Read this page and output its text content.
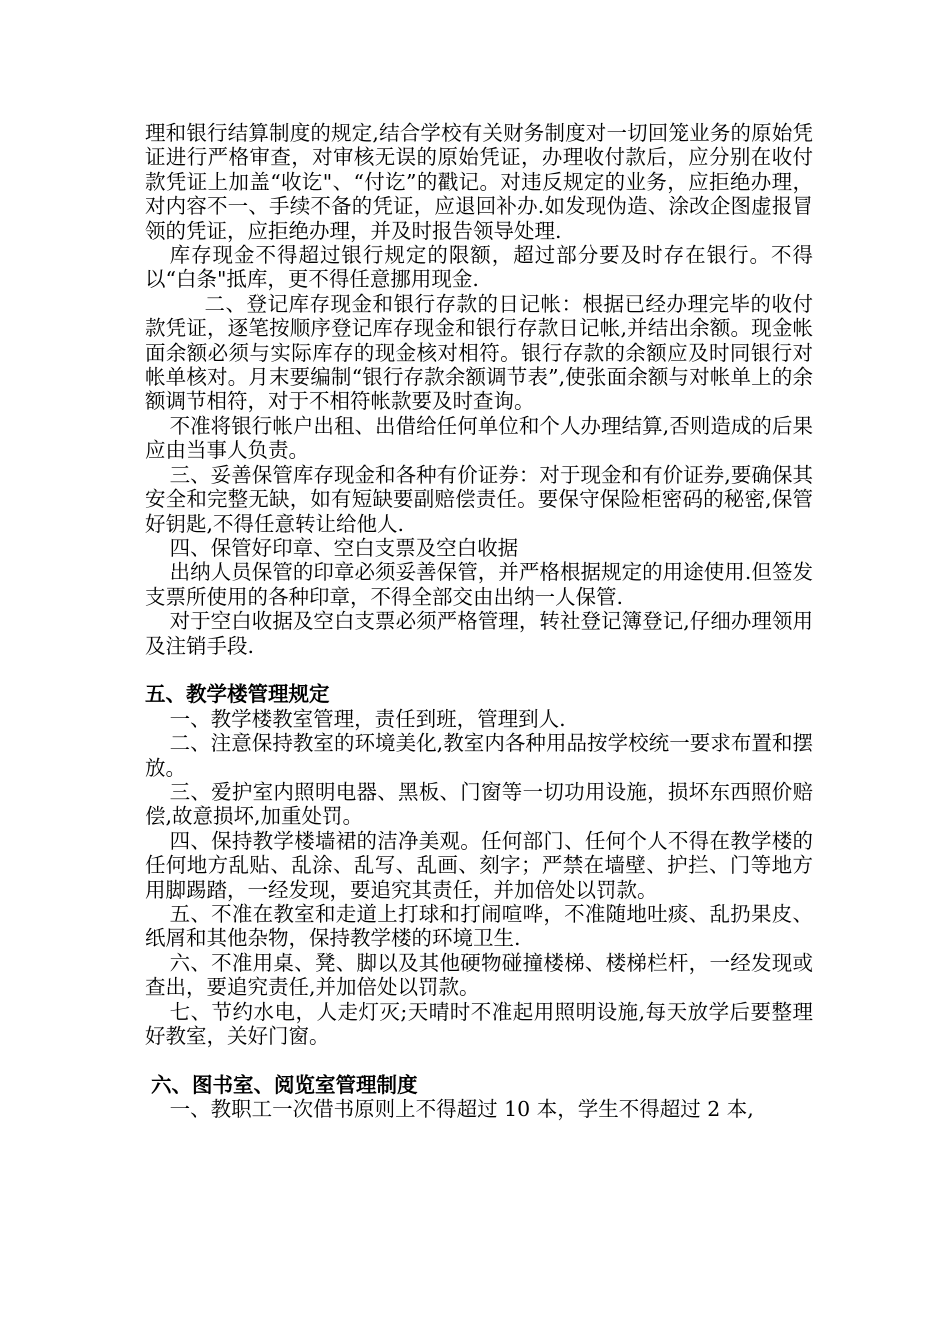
理和银行结算制度的规定,结合学校有关财务制度对一切回笼业务的原始凭证进行严格审查，对审核无误的原始凭证，办理收付款后，应分别在收付款凭证上加盖“收讫"、“付讫”的戳记。对违反规定的业务，应拒绝办理，对内容不一、手续不备的凭证，应退回补办.如发现伪造、涂改企图虚报冒领的凭证，应拒绝办理，并及时报告领导处理.

库存现金不得超过银行规定的限额，超过部分要及时存在银行。不得以“白条"抵库，更不得任意挪用现金.

二、登记库存现金和银行存款的日记帐：根据已经办理完毕的收付款凭证，逐笔按顺序登记库存现金和银行存款日记帐,并结出余额。现金帐面余额必须与实际库存的现金核对相符。银行存款的余额应及时同银行对帐单核对。月末要编制“银行存款余额调节表”,使张面余额与对帐单上的余额调节相符，对于不相符帐款要及时查询。

不准将银行帐户出租、出借给任何单位和个人办理结算,否则造成的后果应由当事人负责。

三、妥善保管库存现金和各种有价证券：对于现金和有价证券,要确保其安全和完整无缺，如有短缺要副赔偿责任。要保守保险柜密码的秘密,保管好钥匙,不得任意转让给他人.

四、保管好印章、空白支票及空白收据

出纳人员保管的印章必须妥善保管，并严格根据规定的用途使用.但签发支票所使用的各种印章，不得全部交由出纳一人保管.

对于空白收据及空白支票必须严格管理，转社登记簿登记,仔细办理领用及注销手段.

五、教学楼管理规定

一、教学楼教室管理，责任到班，管理到人.

二、注意保持教室的环境美化,教室内各种用品按学校统一要求布置和摆放。

三、爱护室内照明电器、黑板、门窗等一切功用设施，损坏东西照价赔偿,故意损坏,加重处罚。

四、保持教学楼墙裙的洁净美观。任何部门、任何个人不得在教学楼的任何地方乱贴、乱涂、乱写、乱画、刻字；严禁在墙壁、护拦、门等地方用脚踢踏，一经发现，要追究其责任，并加倍处以罚款。

五、不准在教室和走道上打球和打闹喧哗，不准随地吐痰、乱扔果皮、纸屑和其他杂物，保持教学楼的环境卫生.

六、不准用桌、凳、脚以及其他硬物碰撞楼梯、楼梯栏杆，一经发现或查出，要追究责任,并加倍处以罚款。

七、节约水电，人走灯灭;天晴时不准起用照明设施,每天放学后要整理好教室，关好门窗。

六、图书室、阅览室管理制度

一、教职工一次借书原则上不得超过 10 本，学生不得超过 2 本,
